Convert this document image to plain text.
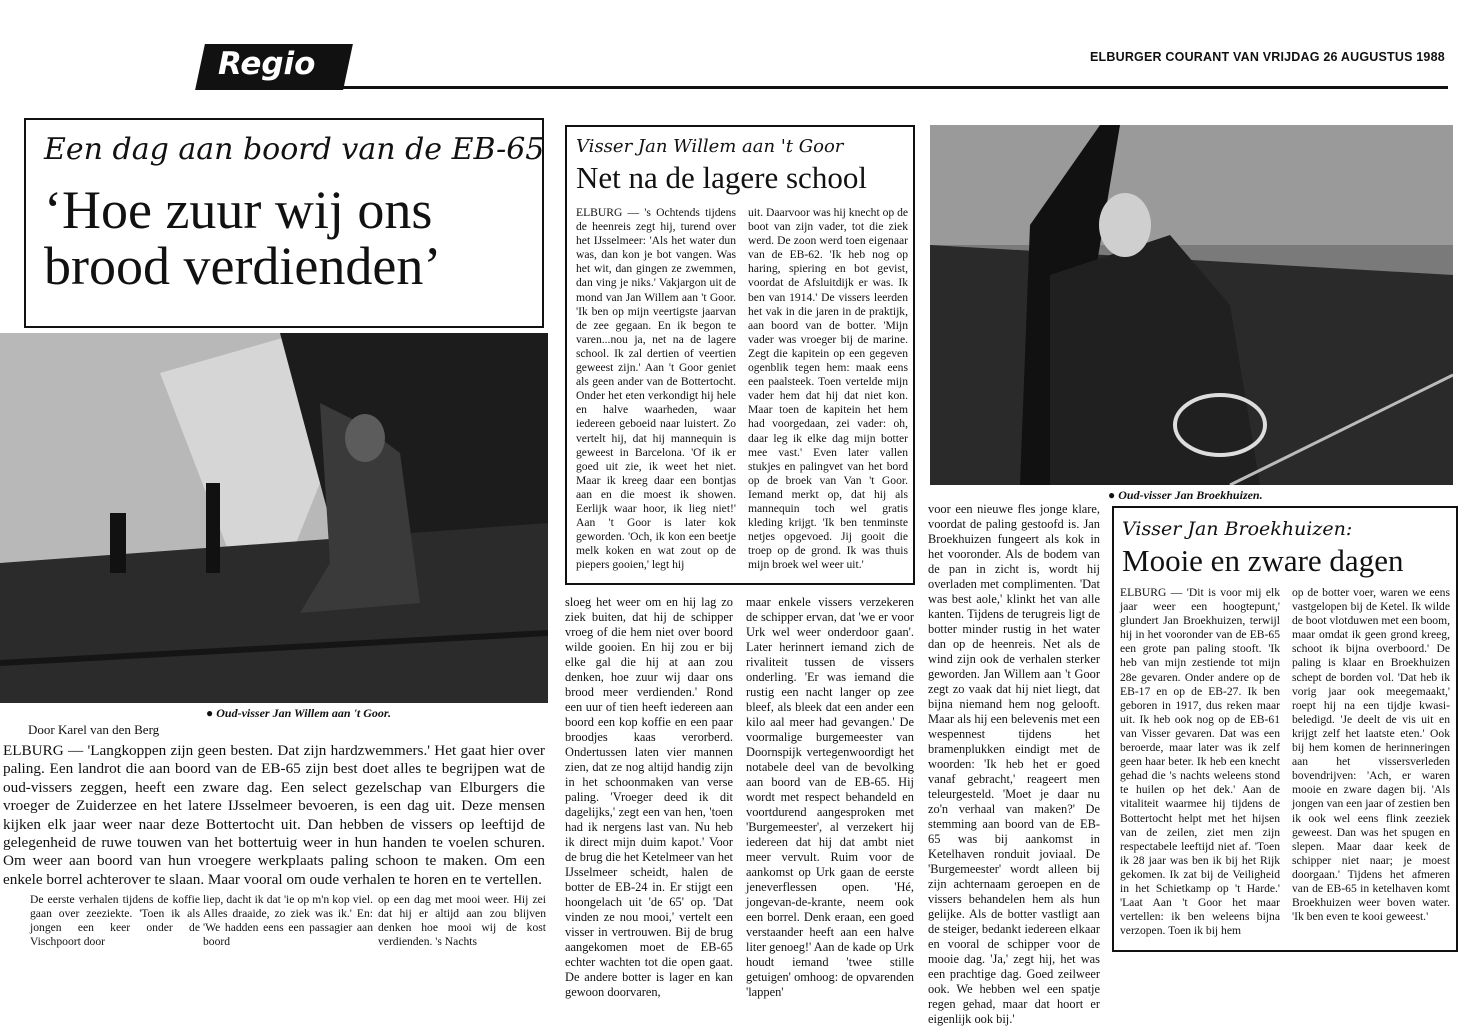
Regio	ELBURGER COURANT VAN VRIJDAG 26 AUGUSTUS 1988
Een dag aan boord van de EB-65
‘Hoe zuur wij ons brood verdienden’
● Oud-visser Jan Willem aan 't Goor.
Door Karel van den Berg

ELBURG — 'Langkoppen zijn geen besten. Dat zijn hardzwemmers.' Het gaat hier over paling. Een landrot die aan boord van de EB-65 zijn best doet alles te begrijpen wat de oud-vissers zeggen, heeft een zware dag. Een select gezelschap van Elburgers die vroeger de Zuiderzee en het latere IJsselmeer bevoeren, is een dag uit. Deze mensen kijken elk jaar weer naar deze Bottertocht uit. Dan hebben de vissers op leeftijd de gelegenheid de ruwe touwen van het bottertuig weer in hun handen te voelen schuren. Om weer aan boord van hun vroegere werkplaats paling schoon te maken. Om een enkele borrel achterover te slaan. Maar vooral om oude verhalen te horen en te vertellen.

De eerste verhalen tijdens de koffie gaan over zeeziekte. 'Toen ik als jongen een keer onder de Vischpoort door

liep, dacht ik dat 'ie op m'n kop viel. Alles draaide, zo ziek was ik.' En: 'We hadden eens een passagier aan boord

op een dag met mooi weer. Hij zei dat hij er altijd aan zou blijven denken hoe mooi wij de kost verdienden. 's Nachts

Visser Jan Willem aan 't Goor
Net na de lagere school

ELBURG — 's Ochtends tijdens de heenreis zegt hij, turend over het IJsselmeer: 'Als het water dun was, dan kon je bot vangen. Was het wit, dan gingen ze zwemmen, dan ving je niks.' Vakjargon uit de mond van Jan Willem aan 't Goor. 'Ik ben op mijn veertigste jaarvan de zee gegaan. En ik begon te varen...nou ja, net na de lagere school. Ik zal dertien of veertien geweest zijn.' Aan 't Goor geniet als geen ander van de Bottertocht. Onder het eten verkondigt hij hele en halve waarheden, waar iedereen geboeid naar luistert. Zo vertelt hij, dat hij mannequin is geweest in Barcelona. 'Of ik er goed uit zie, ik weet het niet. Maar ik kreeg daar een bontjas aan en die moest ik showen. Eerlijk waar hoor, ik lieg niet!' Aan 't Goor is later kok geworden. 'Och, ik kon een beetje melk koken en wat zout op de piepers gooien,' legt hij

uit. Daarvoor was hij knecht op de boot van zijn vader, tot die ziek werd. De zoon werd toen eigenaar van de EB-62. 'Ik heb nog op haring, spiering en bot gevist, voordat de Afsluitdijk er was. Ik ben van 1914.' De vissers leerden het vak in die jaren in de praktijk, aan boord van de botter. 'Mijn vader was vroeger bij de marine. Zegt die kapitein op een gegeven ogenblik tegen hem: maak eens een paalsteek. Toen vertelde mijn vader hem dat hij dat niet kon. Maar toen de kapitein het hem had voorgedaan, zei vader: oh, daar leg ik elke dag mijn botter mee vast.' Even later vallen stukjes en palingvet van het bord op de broek van Van 't Goor. Iemand merkt op, dat hij als mannequin toch wel gratis kleding krijgt. 'Ik ben tenminste netjes opgevoed. Jij gooit die troep op de grond. Ik was thuis mijn broek wel weer uit.'

sloeg het weer om en hij lag zo ziek buiten, dat hij de schipper vroeg of die hem niet over boord wilde gooien. En hij zou er bij elke gal die hij at aan zou denken, hoe zuur wij daar ons brood meer verdienden.' Rond een uur of tien heeft iedereen aan boord een kop koffie en een paar broodjes kaas verorberd. Ondertussen laten vier mannen zien, dat ze nog altijd handig zijn in het schoonmaken van verse paling. 'Vroeger deed ik dit dagelijks,' zegt een van hen, 'toen had ik nergens last van. Nu heb ik direct mijn duim kapot.' Voor de brug die het Ketelmeer van het IJsselmeer scheidt, halen de botter de EB-24 in. Er stijgt een hoongelach uit 'de 65' op. 'Dat vinden ze nou mooi,' vertelt een visser in vertrouwen. Bij de brug aangekomen moet de EB-65 echter wachten tot die open gaat. De andere botter is lager en kan gewoon doorvaren,

maar enkele vissers verzekeren de schipper ervan, dat 'we er voor Urk wel weer onderdoor gaan'. Later herinnert iemand zich de rivaliteit tussen de vissers onderling. 'Er was iemand die rustig een nacht langer op zee bleef, als bleek dat een ander een kilo aal meer had gevangen.' De voormalige burgemeester van Doornspijk vertegenwoordigt het notabele deel van de bevolking aan boord van de EB-65. Hij wordt met respect behandeld en voortdurend aangesproken met 'Burgemeester', al verzekert hij iedereen dat hij dat ambt niet meer vervult. Ruim voor de aankomst op Urk gaan de eerste jeneverflessen open. 'Hé, jongevan-de-krante, neem ook een borrel. Denk eraan, een goed verstaander heeft aan een halve liter genoeg!' Aan de kade op Urk houdt iemand 'twee stille getuigen' omhoog: de opvarenden 'lappen'

voor een nieuwe fles jonge klare, voordat de paling gestoofd is. Jan Broekhuizen fungeert als kok in het vooronder. Als de bodem van de pan in zicht is, wordt hij overladen met complimenten. 'Dat was best aole,' klinkt het van alle kanten. Tijdens de terugreis ligt de botter minder rustig in het water dan op de heenreis. Net als de wind zijn ook de verhalen sterker geworden. Jan Willem aan 't Goor zegt zo vaak dat hij niet liegt, dat bijna niemand hem nog gelooft. Maar als hij een belevenis met een wespennest tijdens het bramenplukken eindigt met de woorden: 'Ik heb het er goed vanaf gebracht,' reageert men teleurgesteld. 'Moet je daar nu zo'n verhaal van maken?' De stemming aan boord van de EB-65 was bij aankomst in Ketelhaven ronduit joviaal. De 'Burgemeester' wordt alleen bij zijn achternaam geroepen en de vissers behandelen hem als hun gelijke. Als de botter vastligt aan de steiger, bedankt iedereen elkaar en vooral de schipper voor de mooie dag. 'Ja,' zegt hij, het was een prachtige dag. Goed zeilweer ook. We hebben wel een spatje regen gehad, maar dat hoort er eigenlijk ook bij.'

● Oud-visser Jan Broekhuizen.
Visser Jan Broekhuizen:
Mooie en zware dagen

ELBURG — 'Dit is voor mij elk jaar weer een hoogtepunt,' glundert Jan Broekhuizen, terwijl hij in het vooronder van de EB-65 een grote pan paling stooft. 'Ik heb van mijn zestiende tot mijn 28e gevaren. Onder andere op de EB-17 en op de EB-27. Ik ben geboren in 1917, dus reken maar uit. Ik heb ook nog op de EB-61 van Visser gevaren. Dat was een beroerde, maar later was ik zelf geen haar beter. Ik heb een knecht gehad die 's nachts weleens stond te huilen op het dek.' Aan de vitaliteit waarmee hij tijdens de Bottertocht helpt met het hijsen van de zeilen, ziet men zijn respectabele leeftijd niet af. 'Toen ik 28 jaar was ben ik bij het Rijk gekomen. Ik zat bij de Veiligheid in het Schietkamp op 't Harde.' 'Laat Aan 't Goor het maar vertellen: ik ben weleens bijna verzopen. Toen ik bij hem

op de botter voer, waren we eens vastgelopen bij de Ketel. Ik wilde de boot vlotduwen met een boom, maar omdat ik geen grond kreeg, schoot ik bijna overboord.' De paling is klaar en Broekhuizen schept de borden vol. 'Dat heb ik vorig jaar ook meegemaakt,' roept hij na een tijdje kwasi-beledigd. 'Je deelt de vis uit en krijgt zelf het laatste eten.' Ook bij hem komen de herinneringen aan het vissersverleden bovendrijven: 'Ach, er waren mooie en zware dagen bij. 'Als jongen van een jaar of zestien ben ik ook wel eens flink zeeziek geweest. Dan was het spugen en slepen. Maar daar keek de schipper niet naar; je moest doorgaan.' Tijdens het afmeren van de EB-65 in ketelhaven komt Broekhuizen weer boven water. 'Ik ben even te kooi geweest.'
